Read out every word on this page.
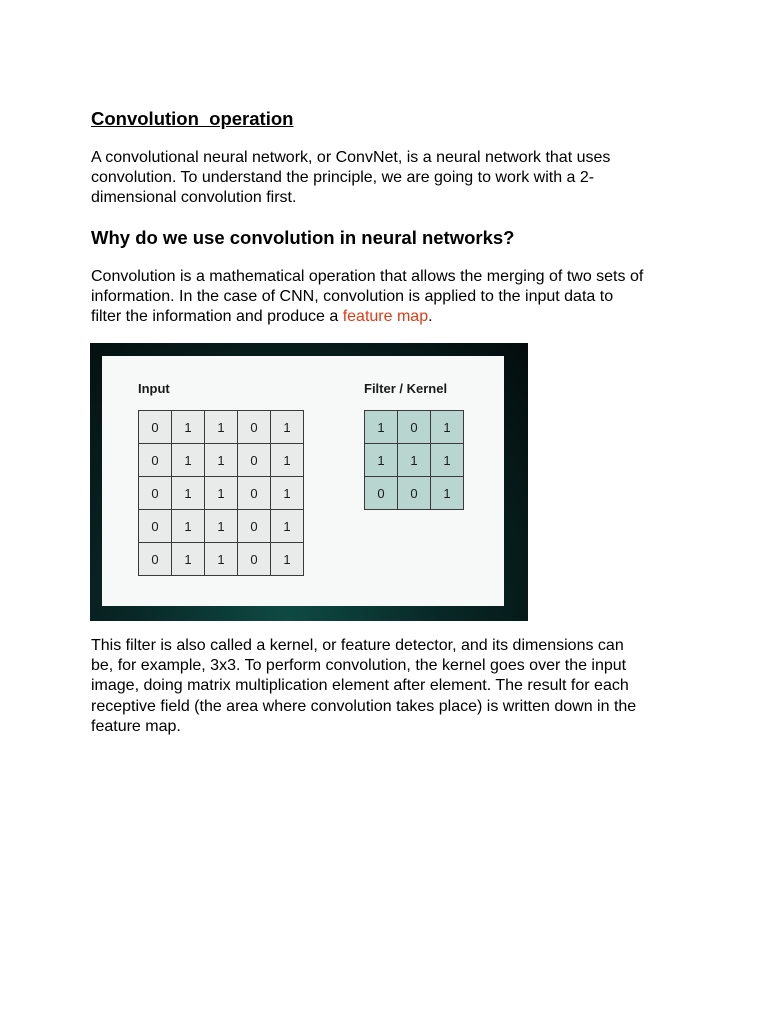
Convolution  operation

A convolutional neural network, or ConvNet, is a neural network that uses
convolution. To understand the principle, we are going to work with a 2-
dimensional convolution first.

Why do we use convolution in neural networks?

Convolution is a mathematical operation that allows the merging of two sets of
information. In the case of CNN, convolution is applied to the input data to
filter the information and produce a feature map.

Input	Filter / Kernel

0	1	1	0	1
0	1	1	0	1
0	1	1	0	1
0	1	1	0	1
0	1	1	0	1
1	0	1
1	1	1
0	0	1

This filter is also called a kernel, or feature detector, and its dimensions can
be, for example, 3x3. To perform convolution, the kernel goes over the input
image, doing matrix multiplication element after element. The result for each
receptive field (the area where convolution takes place) is written down in the
feature map.
